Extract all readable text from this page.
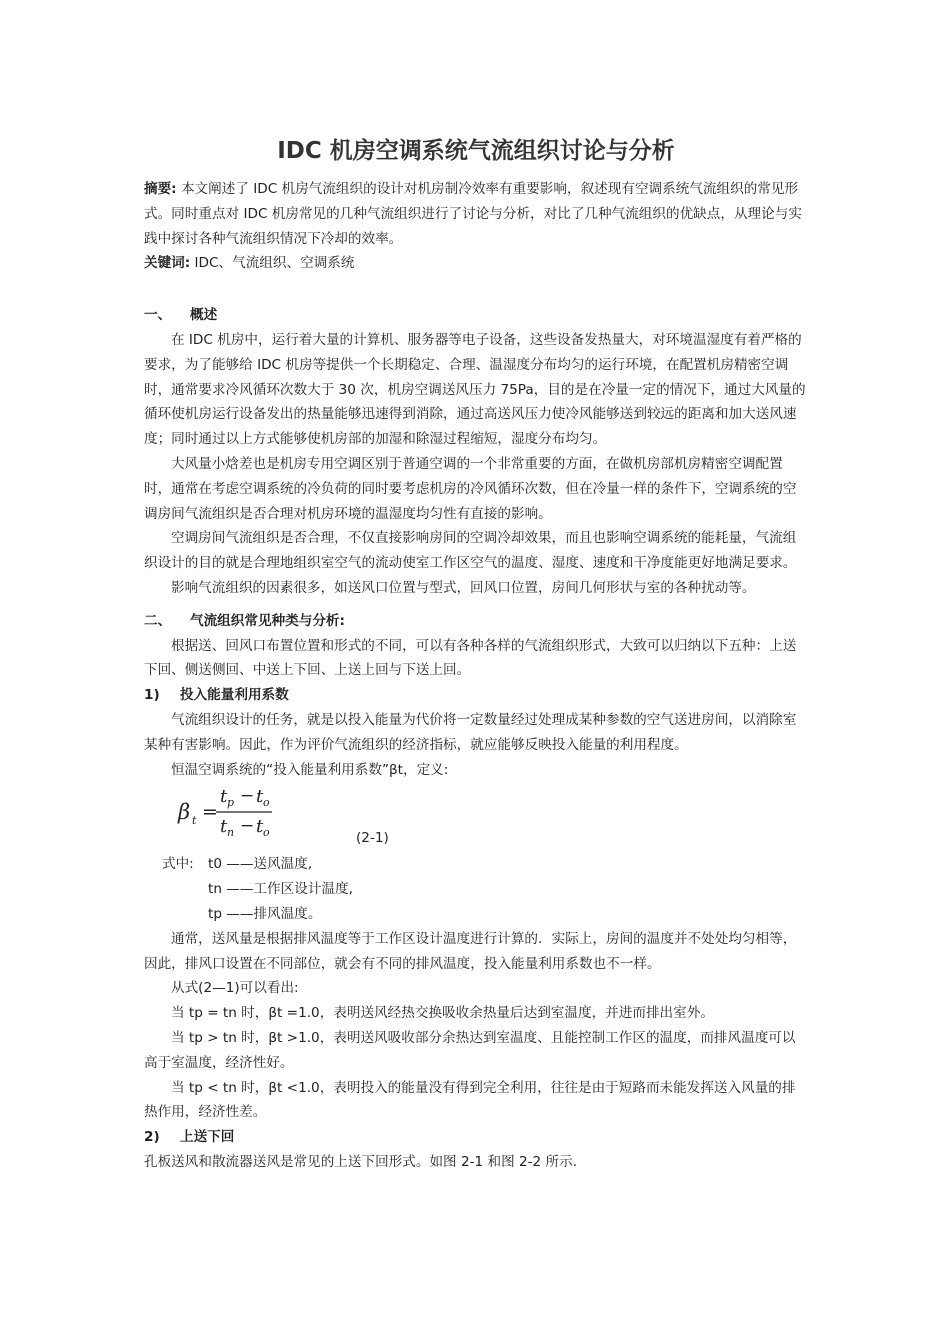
IDC 机房空调系统气流组织讨论与分析

摘要: 本文阐述了 IDC 机房气流组织的设计对机房制冷效率有重要影响，叙述现有空调系统气流组织的常见形式。同时重点对 IDC 机房常见的几种气流组织进行了讨论与分析，对比了几种气流组织的优缺点，从理论与实践中探讨各种气流组织情况下冷却的效率。

关键词: IDC、气流组织、空调系统

一、 概述

在 IDC 机房中，运行着大量的计算机、服务器等电子设备，这些设备发热量大，对环境温湿度有着严格的要求，为了能够给 IDC 机房等提供一个长期稳定、合理、温湿度分布均匀的运行环境，在配置机房精密空调时，通常要求冷风循环次数大于 30 次，机房空调送风压力 75Pa，目的是在冷量一定的情况下，通过大风量的循环使机房运行设备发出的热量能够迅速得到消除，通过高送风压力使冷风能够送到较远的距离和加大送风速度；同时通过以上方式能够使机房部的加湿和除湿过程缩短，湿度分布均匀。

大风量小焓差也是机房专用空调区别于普通空调的一个非常重要的方面，在做机房部机房精密空调配置时，通常在考虑空调系统的冷负荷的同时要考虑机房的冷风循环次数，但在冷量一样的条件下，空调系统的空调房间气流组织是否合理对机房环境的温湿度均匀性有直接的影响。

空调房间气流组织是否合理，不仅直接影响房间的空调冷却效果，而且也影响空调系统的能耗量，气流组织设计的目的就是合理地组织室空气的流动使室工作区空气的温度、湿度、速度和干净度能更好地满足要求。

影响气流组织的因素很多，如送风口位置与型式，回风口位置，房间几何形状与室的各种扰动等。

二、 气流组织常见种类与分析:

根据送、回风口布置位置和形式的不同，可以有各种各样的气流组织形式，大致可以归纳以下五种：上送下回、侧送侧回、中送上下回、上送上回与下送上回。

1) 投入能量利用系数

气流组织设计的任务，就是以投入能量为代价将一定数量经过处理成某种参数的空气送进房间，以消除室某种有害影响。因此，作为评价气流组织的经济指标，就应能够反映投入能量的利用程度。

恒温空调系统的“投入能量利用系数”βt，定义:

β t =
t p − t o
t n − t o	(2-1)

式中: t0 ——送风温度,

tn ——工作区设计温度,

tp ——排风温度。

通常，送风量是根据排风温度等于工作区设计温度进行计算的．实际上，房间的温度并不处处均匀相等，因此，排风口设置在不同部位，就会有不同的排风温度，投入能量利用系数也不一样。

从式(2—1)可以看出:

当 tp = tn 时，βt =1.0，表明送风经热交换吸收余热量后达到室温度，并进而排出室外。

当 tp > tn 时，βt >1.0，表明送风吸收部分余热达到室温度、且能控制工作区的温度，而排风温度可以高于室温度，经济性好。

当 tp < tn 时，βt <1.0，表明投入的能量没有得到完全利用，往往是由于短路而未能发挥送入风量的排热作用，经济性差。

2) 上送下回

孔板送风和散流器送风是常见的上送下回形式。如图 2-1 和图 2-2 所示.
